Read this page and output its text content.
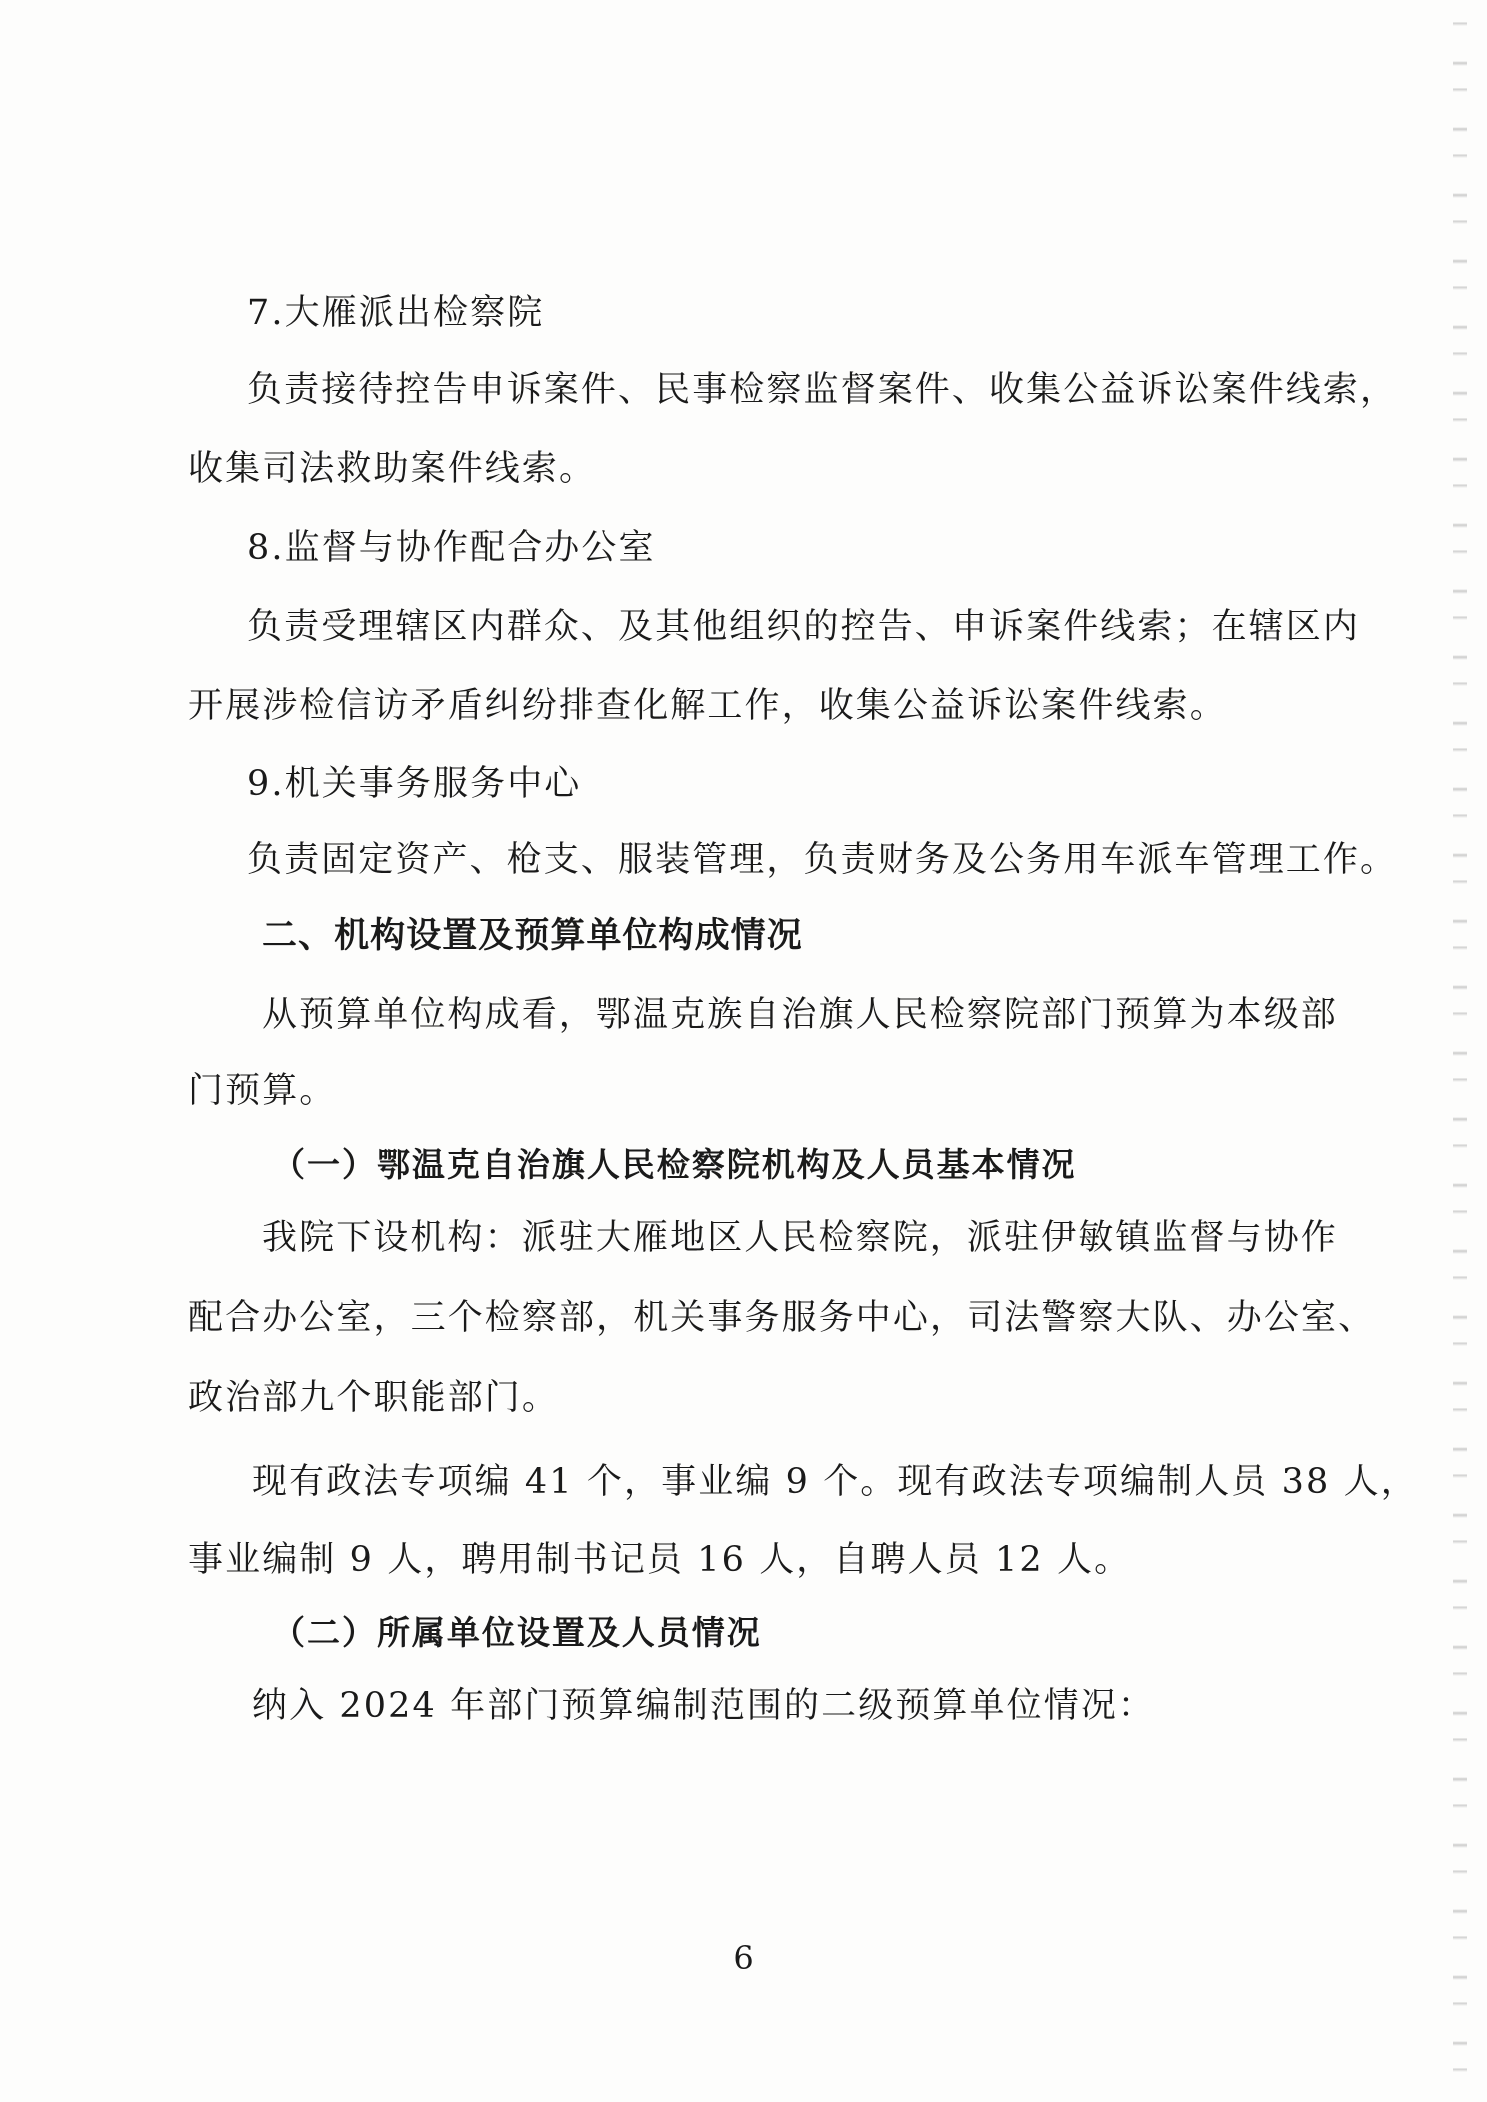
7.大雁派出检察院
负责接待控告申诉案件、民事检察监督案件、收集公益诉讼案件线索，
收集司法救助案件线索。
8.监督与协作配合办公室
负责受理辖区内群众、及其他组织的控告、申诉案件线索；在辖区内
开展涉检信访矛盾纠纷排查化解工作，收集公益诉讼案件线索。
9.机关事务服务中心
负责固定资产、枪支、服装管理，负责财务及公务用车派车管理工作。
二、机构设置及预算单位构成情况
从预算单位构成看，鄂温克族自治旗人民检察院部门预算为本级部
门预算。
（一）鄂温克自治旗人民检察院机构及人员基本情况
我院下设机构：派驻大雁地区人民检察院，派驻伊敏镇监督与协作
配合办公室，三个检察部，机关事务服务中心，司法警察大队、办公室、
政治部九个职能部门。
现有政法专项编 41 个，事业编 9 个。现有政法专项编制人员 38 人，
事业编制 9 人，聘用制书记员 16 人，自聘人员 12 人。
（二）所属单位设置及人员情况
纳入 2024 年部门预算编制范围的二级预算单位情况：
6
